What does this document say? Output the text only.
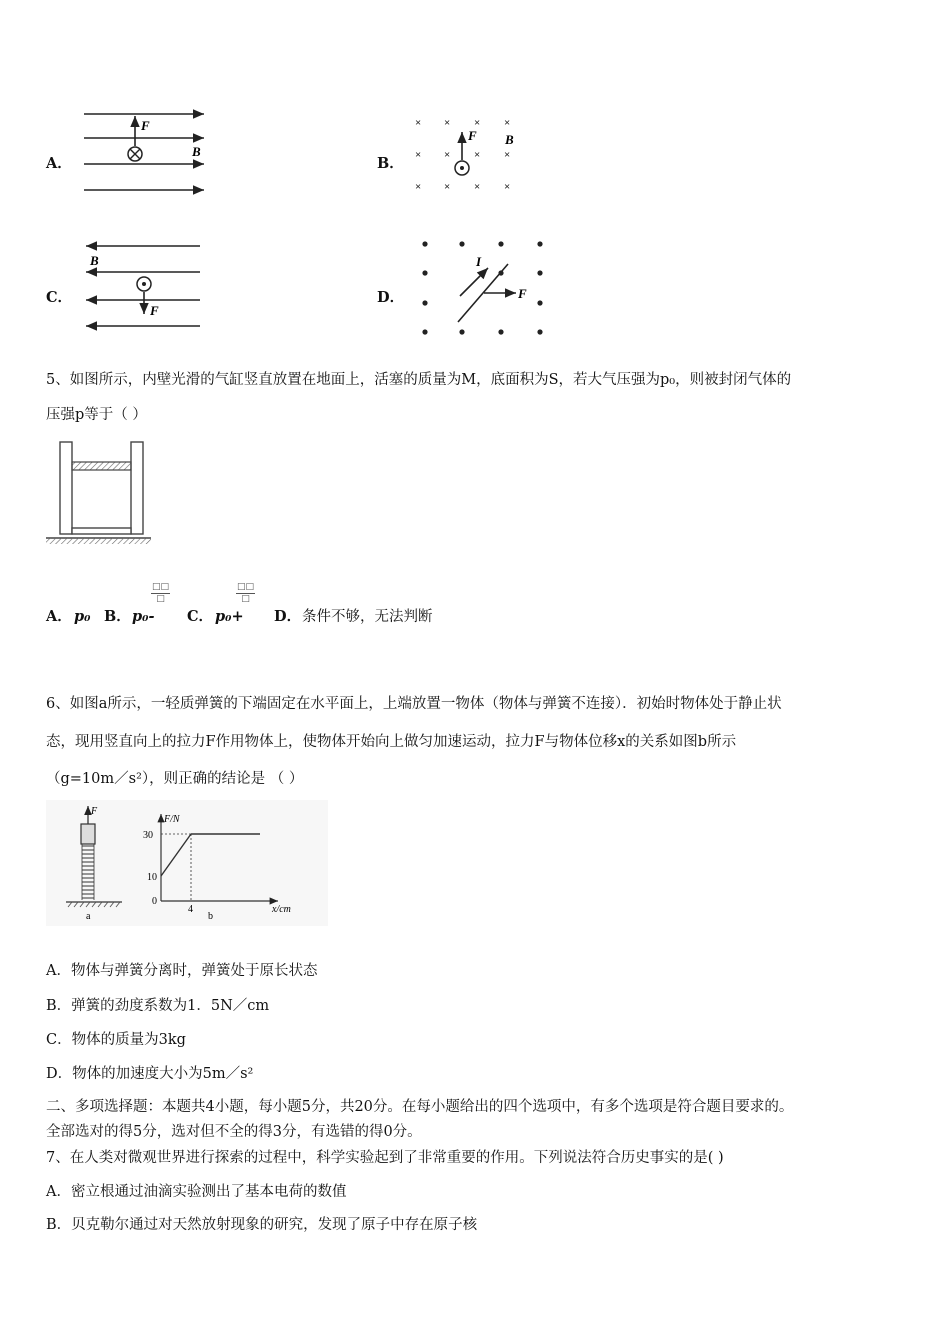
A．
F
B
B．
× × × ×
× × × ×
× × × ×
F B
C．
B
F
D．
I
F
5、如图所示，内壁光滑的气缸竖直放置在地面上，活塞的质量为M，底面积为S，若大气压强为p₀，则被封闭气体的
压强p等于（ ）
A． p₀ B． p₀-
□□
□
C． p₀+
□□
□
D． 条件不够，无法判断
6、如图a所示，一轻质弹簧的下端固定在水平面上，上端放置一物体（物体与弹簧不连接）．初始时物体处于静止状
态，现用竖直向上的拉力F作用物体上，使物体开始向上做匀加速运动，拉力F与物体位移x的关系如图b所示
（g=10m／s²），则正确的结论是 （ ）
F
a
F/N
x/cm
0
30
10
4
b
A．物体与弹簧分离时，弹簧处于原长状态
B．弹簧的劲度系数为1．5N／cm
C．物体的质量为3kg
D．物体的加速度大小为5m／s²
二、多项选择题：本题共4小题，每小题5分，共20分。在每小题给出的四个选项中，有多个选项是符合题目要求的。
全部选对的得5分，选对但不全的得3分，有选错的得0分。
7、在人类对微观世界进行探索的过程中，科学实验起到了非常重要的作用。下列说法符合历史事实的是( )
A．密立根通过油滴实验测出了基本电荷的数值
B．贝克勒尔通过对天然放射现象的研究，发现了原子中存在原子核
